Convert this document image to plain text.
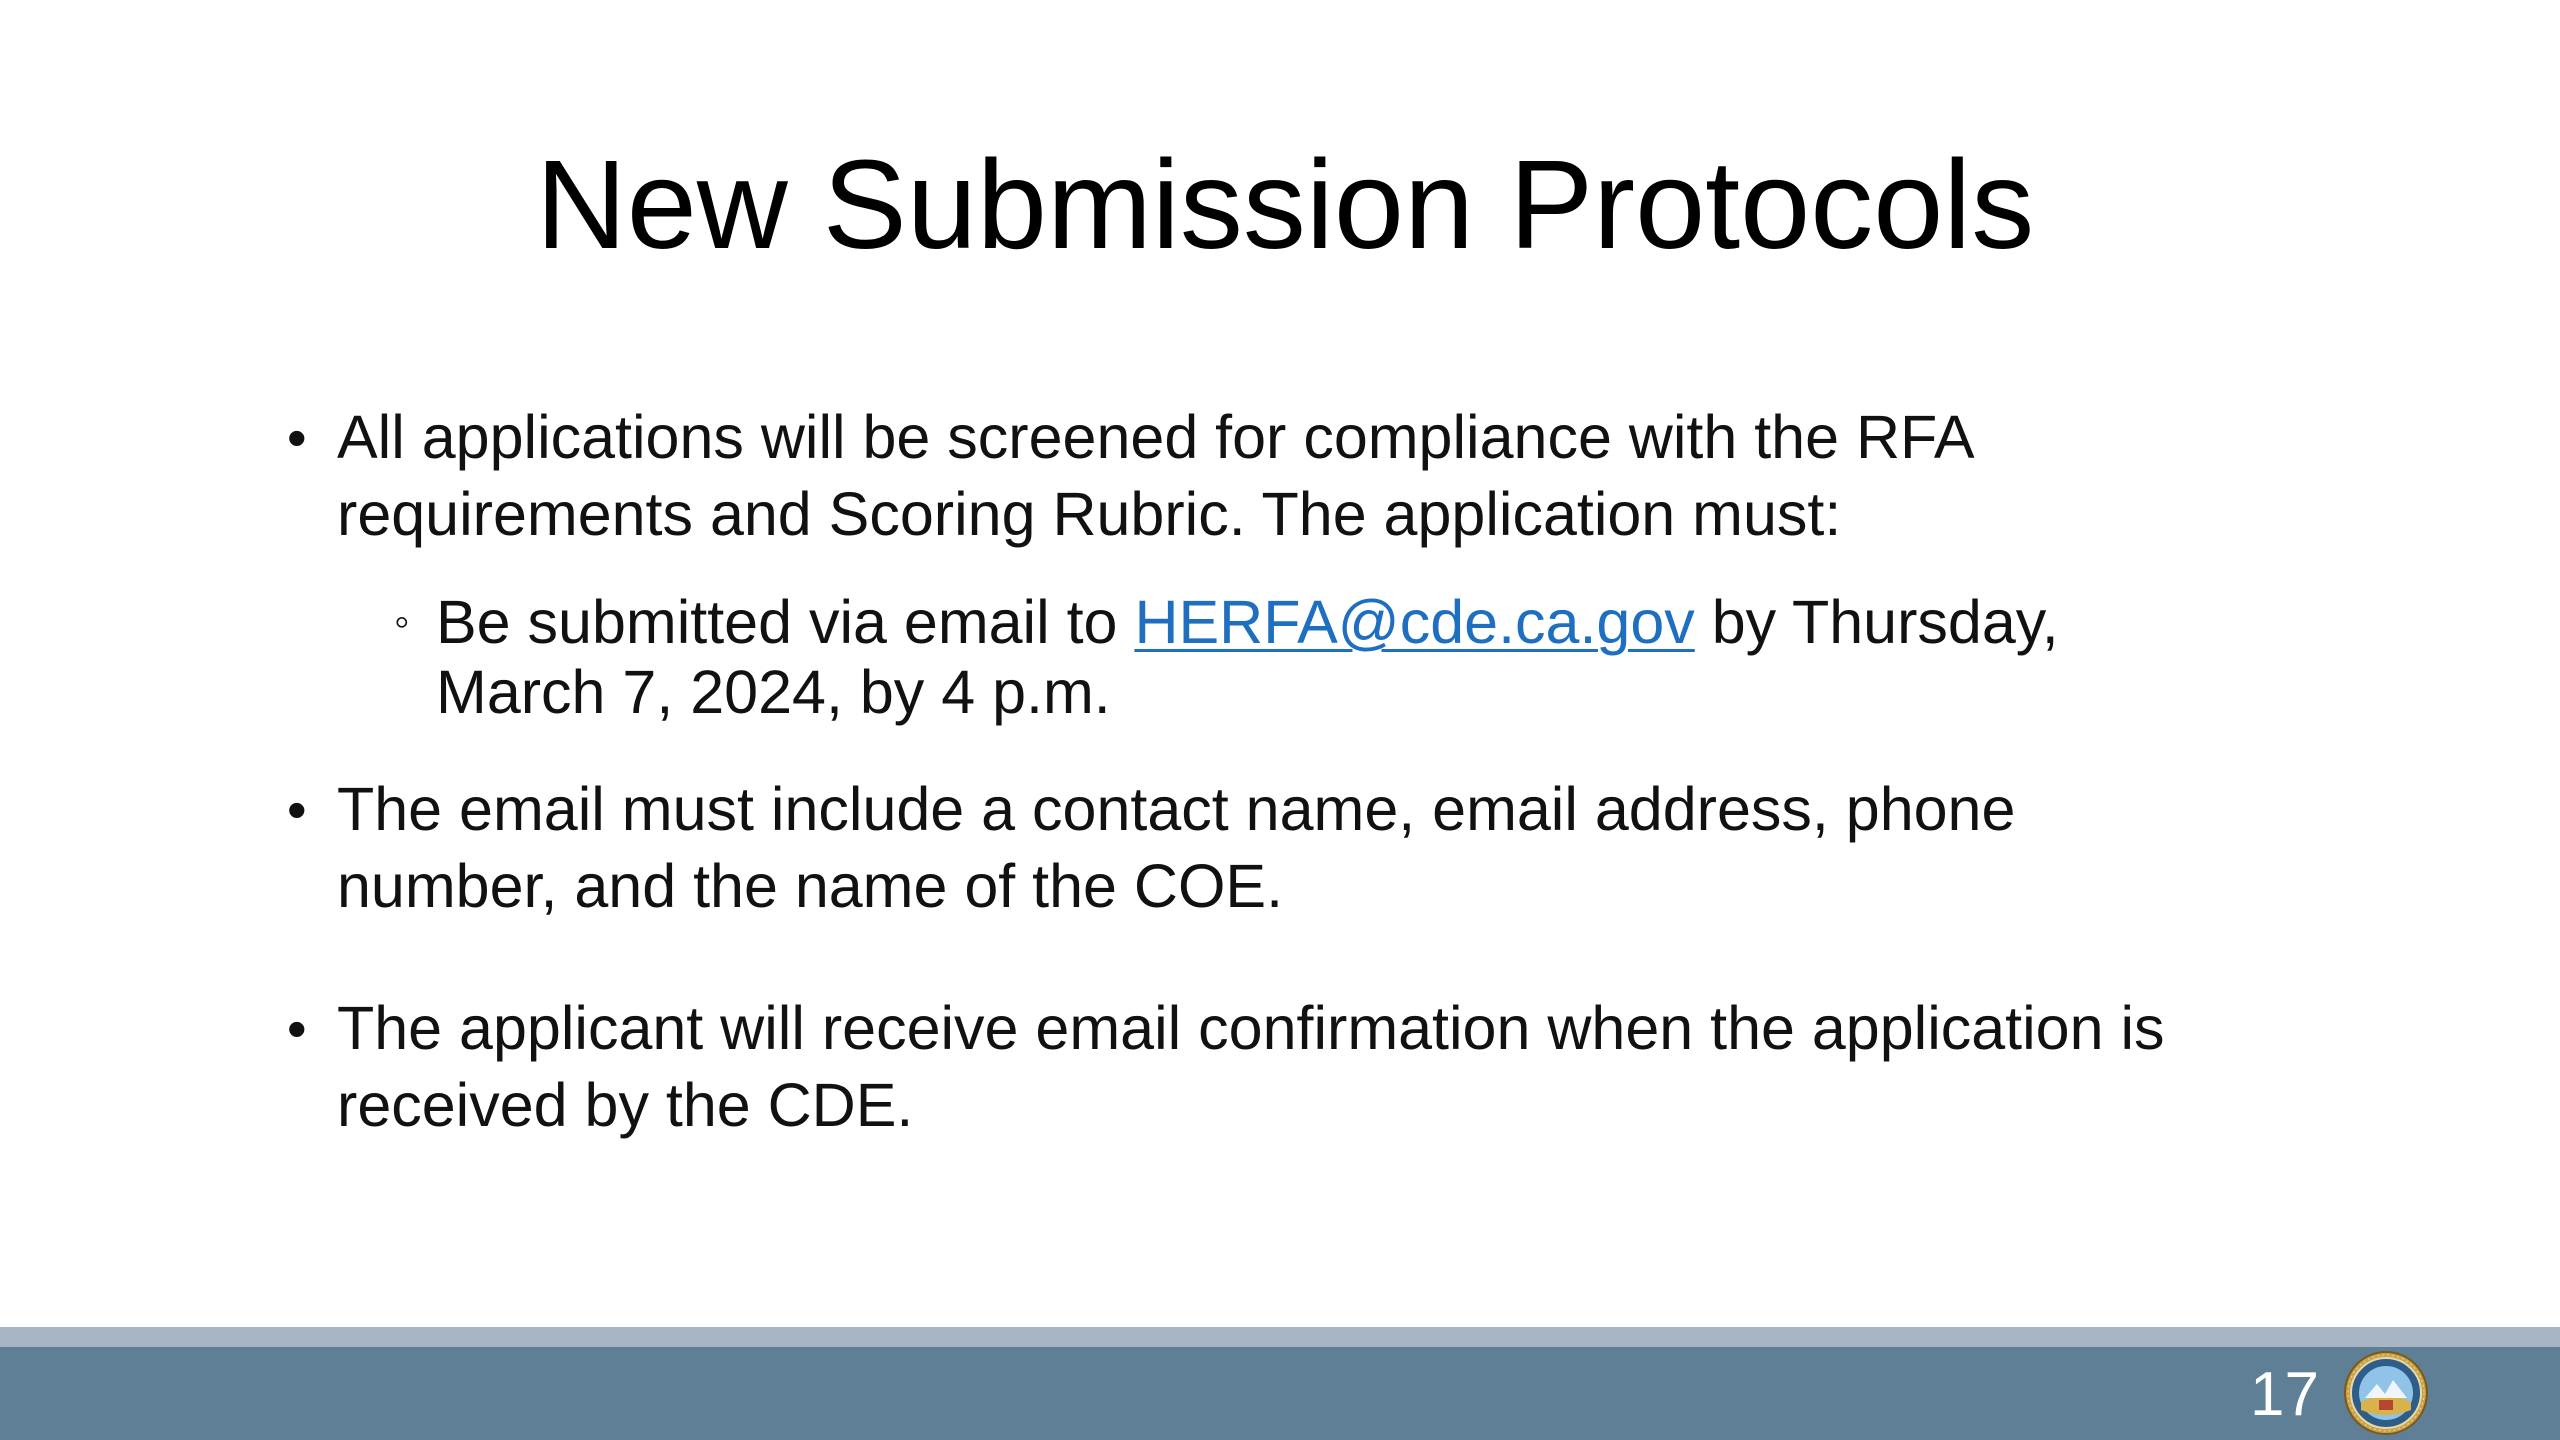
New Submission Protocols
• All applications will be screened for compliance with the RFA
requirements and Scoring Rubric. The application must:
◦ Be submitted via email to HERFA@cde.ca.gov by Thursday,
March 7, 2024, by 4 p.m.
• The email must include a contact name, email address, phone
number, and the name of the COE.
• The applicant will receive email confirmation when the application is
received by the CDE.
17
